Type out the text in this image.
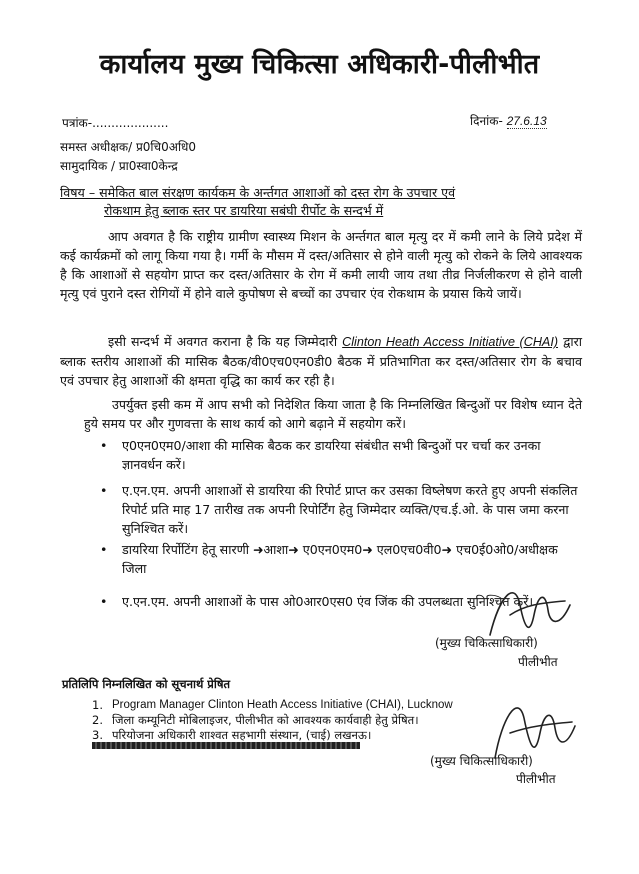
कार्यालय मुख्य चिकित्सा अधिकारी-पीलीभीत
पत्रांक-....................	दिनांक- 27.6.13
समस्त अधीक्षक/ प्र0चि0अधि0
सामुदायिक / प्रा0स्वा0केन्द्र
विषय – समेकित बाल संरक्षण कार्यकम के अर्न्तगत आशाओं को दस्त रोग के उपचार एवं
रोकथाम हेतु ब्लाक स्तर पर डायरिया सबंघी रीर्पोट के सन्दर्भ में
आप अवगत है कि राष्ट्रीय ग्रामीण स्वास्थ्य मिशन के अर्न्तगत बाल मृत्यु दर में कमी लाने के लिये प्रदेश में कई कार्यक्रमों को लागू किया गया है। गर्मी के मौसम में दस्त/अतिसार से होने वाली मृत्यु को रोकने के लिये आवश्यक है कि आशाओं से सहयोग प्राप्त कर दस्त/अतिसार के रोग में कमी लायी जाय तथा तीव्र निर्जलीकरण से होने वाली मृत्यु एवं पुराने दस्त रोगियों में होने वाले कुपोषण से बच्चों का उपचार एंव रोकथाम के प्रयास किये जायें।
इसी सन्दर्भ में अवगत कराना है कि यह जिम्मेदारी Clinton Heath Access Initiative (CHAI) द्वारा ब्लाक स्तरीय आशाओं की मासिक बैठक/वी0एच0एन0डी0 बैठक में प्रतिभागिता कर दस्त/अतिसार रोग के बचाव एवं उपचार हेतु आशाओं की क्षमता वृद्धि का कार्य कर रही है।
उपर्युक्त इसी कम में आप सभी को निदेशित किया जाता है कि निम्नलिखित बिन्दुओं पर विशेष ध्यान देते हुये समय पर और गुणवत्ता के साथ कार्य को आगे बढ़ाने में सहयोग करें।
•	ए0एन0एम0/आशा की मासिक बैठक कर डायरिया संबंधीत सभी बिन्दुओं पर चर्चा कर उनका ज्ञानवर्धन करें।
•	ए.एन.एम. अपनी आशाओं से डायरिया की रिपोर्ट प्राप्त कर उसका विष्लेषण करते हुए अपनी संकलित रिपोर्ट प्रति माह 17 तारीख तक अपनी रिपोर्टिंग हेतु जिम्मेदार व्यक्ति/एच.ई.ओ. के पास जमा करना सुनिश्चित करें।
•	डायरिया रिर्पोटिंग हेतू सारणी ➜आशा➜ ए0एन0एम0➜ एल0एच0वी0➜ एच0ई0ओ0/अधीक्षक जिला
•	ए.एन.एम. अपनी आशाओं के पास ओ0आर0एस0 एंव जिंक की उपलब्धता सुनिश्चित करें।
(मुख्य चिकित्साधिकारी)
पीलीभीत
प्रतिलिपि निम्नलिखित को सूचनार्थ प्रेषित
1. Program Manager Clinton Heath Access Initiative (CHAI), Lucknow
2. जिला कम्यूनिटी मोबिलाइजर, पीलीभीत को आवश्यक कार्यवाही हेतु प्रेषित।
3. परियोजना अधिकारी शाश्वत सहभागी संस्थान, (चाई) लखनऊ।
(मुख्य चिकित्साधिकारी)
पीलीभीत
